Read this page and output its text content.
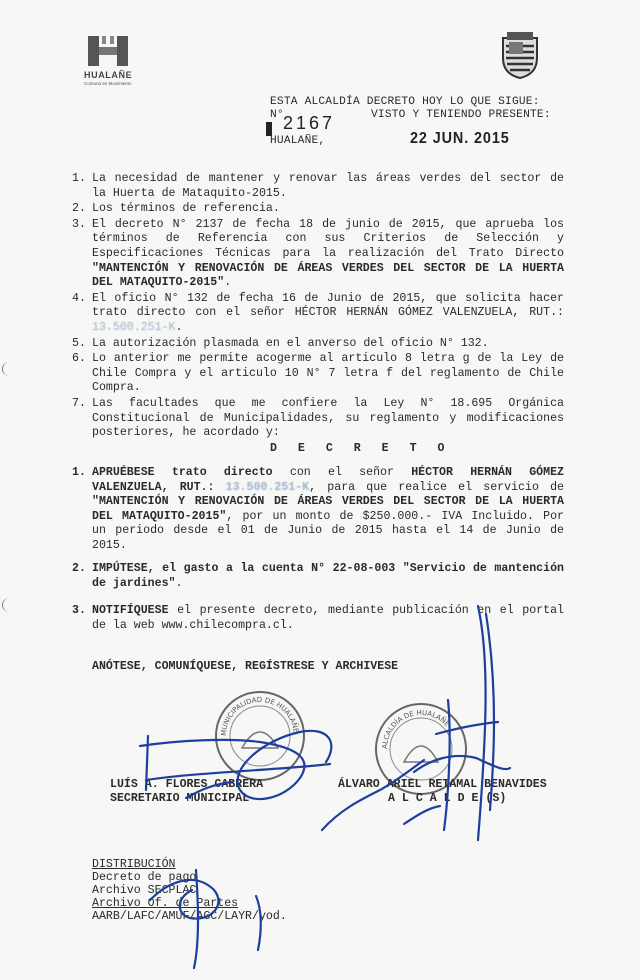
HUALAÑE
Comuna en Movimiento
ESTA ALCALDÍA DECRETO HOY LO QUE SIGUE:
N°	VISTO Y TENIENDO PRESENTE:
2167
HUALAÑE,	22 JUN. 2015
1. La necesidad de mantener y renovar las áreas verdes del sector de la Huerta de Mataquito-2015.
2. Los términos de referencia.
3. El decreto N° 2137 de fecha 18 de junio de 2015, que aprueba los términos de Referencia con sus Criterios de Selección y Especificaciones Técnicas para la realización del Trato Directo "MANTENCIÓN Y RENOVACIÓN DE ÁREAS VERDES DEL SECTOR DE LA HUERTA DEL MATAQUITO-2015".
4. El oficio N° 132 de fecha 16 de Junio de 2015, que solicita hacer trato directo con el señor HÉCTOR HERNÁN GÓMEZ VALENZUELA, RUT.: 13.500.251-K.
5. La autorización plasmada en el anverso del oficio N° 132.
6. Lo anterior me permite acogerme al articulo 8 letra g de la Ley de Chile Compra y el articulo 10 N° 7 letra f del reglamento de Chile Compra.
7. Las facultades que me confiere la Ley N° 18.695 Orgánica Constitucional de Municipalidades, su reglamento y modificaciones posteriores, he acordado y:
D E C R E T O
1. APRUÉBESE trato directo con el señor HÉCTOR HERNÁN GÓMEZ VALENZUELA, RUT.: 13.500.251-K, para que realice el servicio de "MANTENCIÓN Y RENOVACIÓN DE ÁREAS VERDES DEL SECTOR DE LA HUERTA DEL MATAQUITO-2015", por un monto de $250.000.- IVA Incluido. Por un periodo desde el 01 de Junio de 2015 hasta el 14 de Junio de 2015.
2. IMPÚTESE, el gasto a la cuenta N° 22-08-003 "Servicio de mantención de jardines".
3. NOTIFÍQUESE el presente decreto, mediante publicación en el portal de la web www.chilecompra.cl.
ANÓTESE, COMUNÍQUESE, REGÍSTRESE Y ARCHIVESE
MUNICIPALIDAD DE HUALAÑE
ALCALDÍA DE HUALAÑE
LUÍS A. FLORES CABRERA
SECRETARIO MUNICIPAL
ÁLVARO ARIEL RETAMAL BENAVIDES
A L C A L D E (S)
DISTRIBUCIÓN
Decreto de pago
Archivo SECPLAC
Archivo Of. de Partes
AARB/LAFC/AMUF/AGC/LAYR/yod.
